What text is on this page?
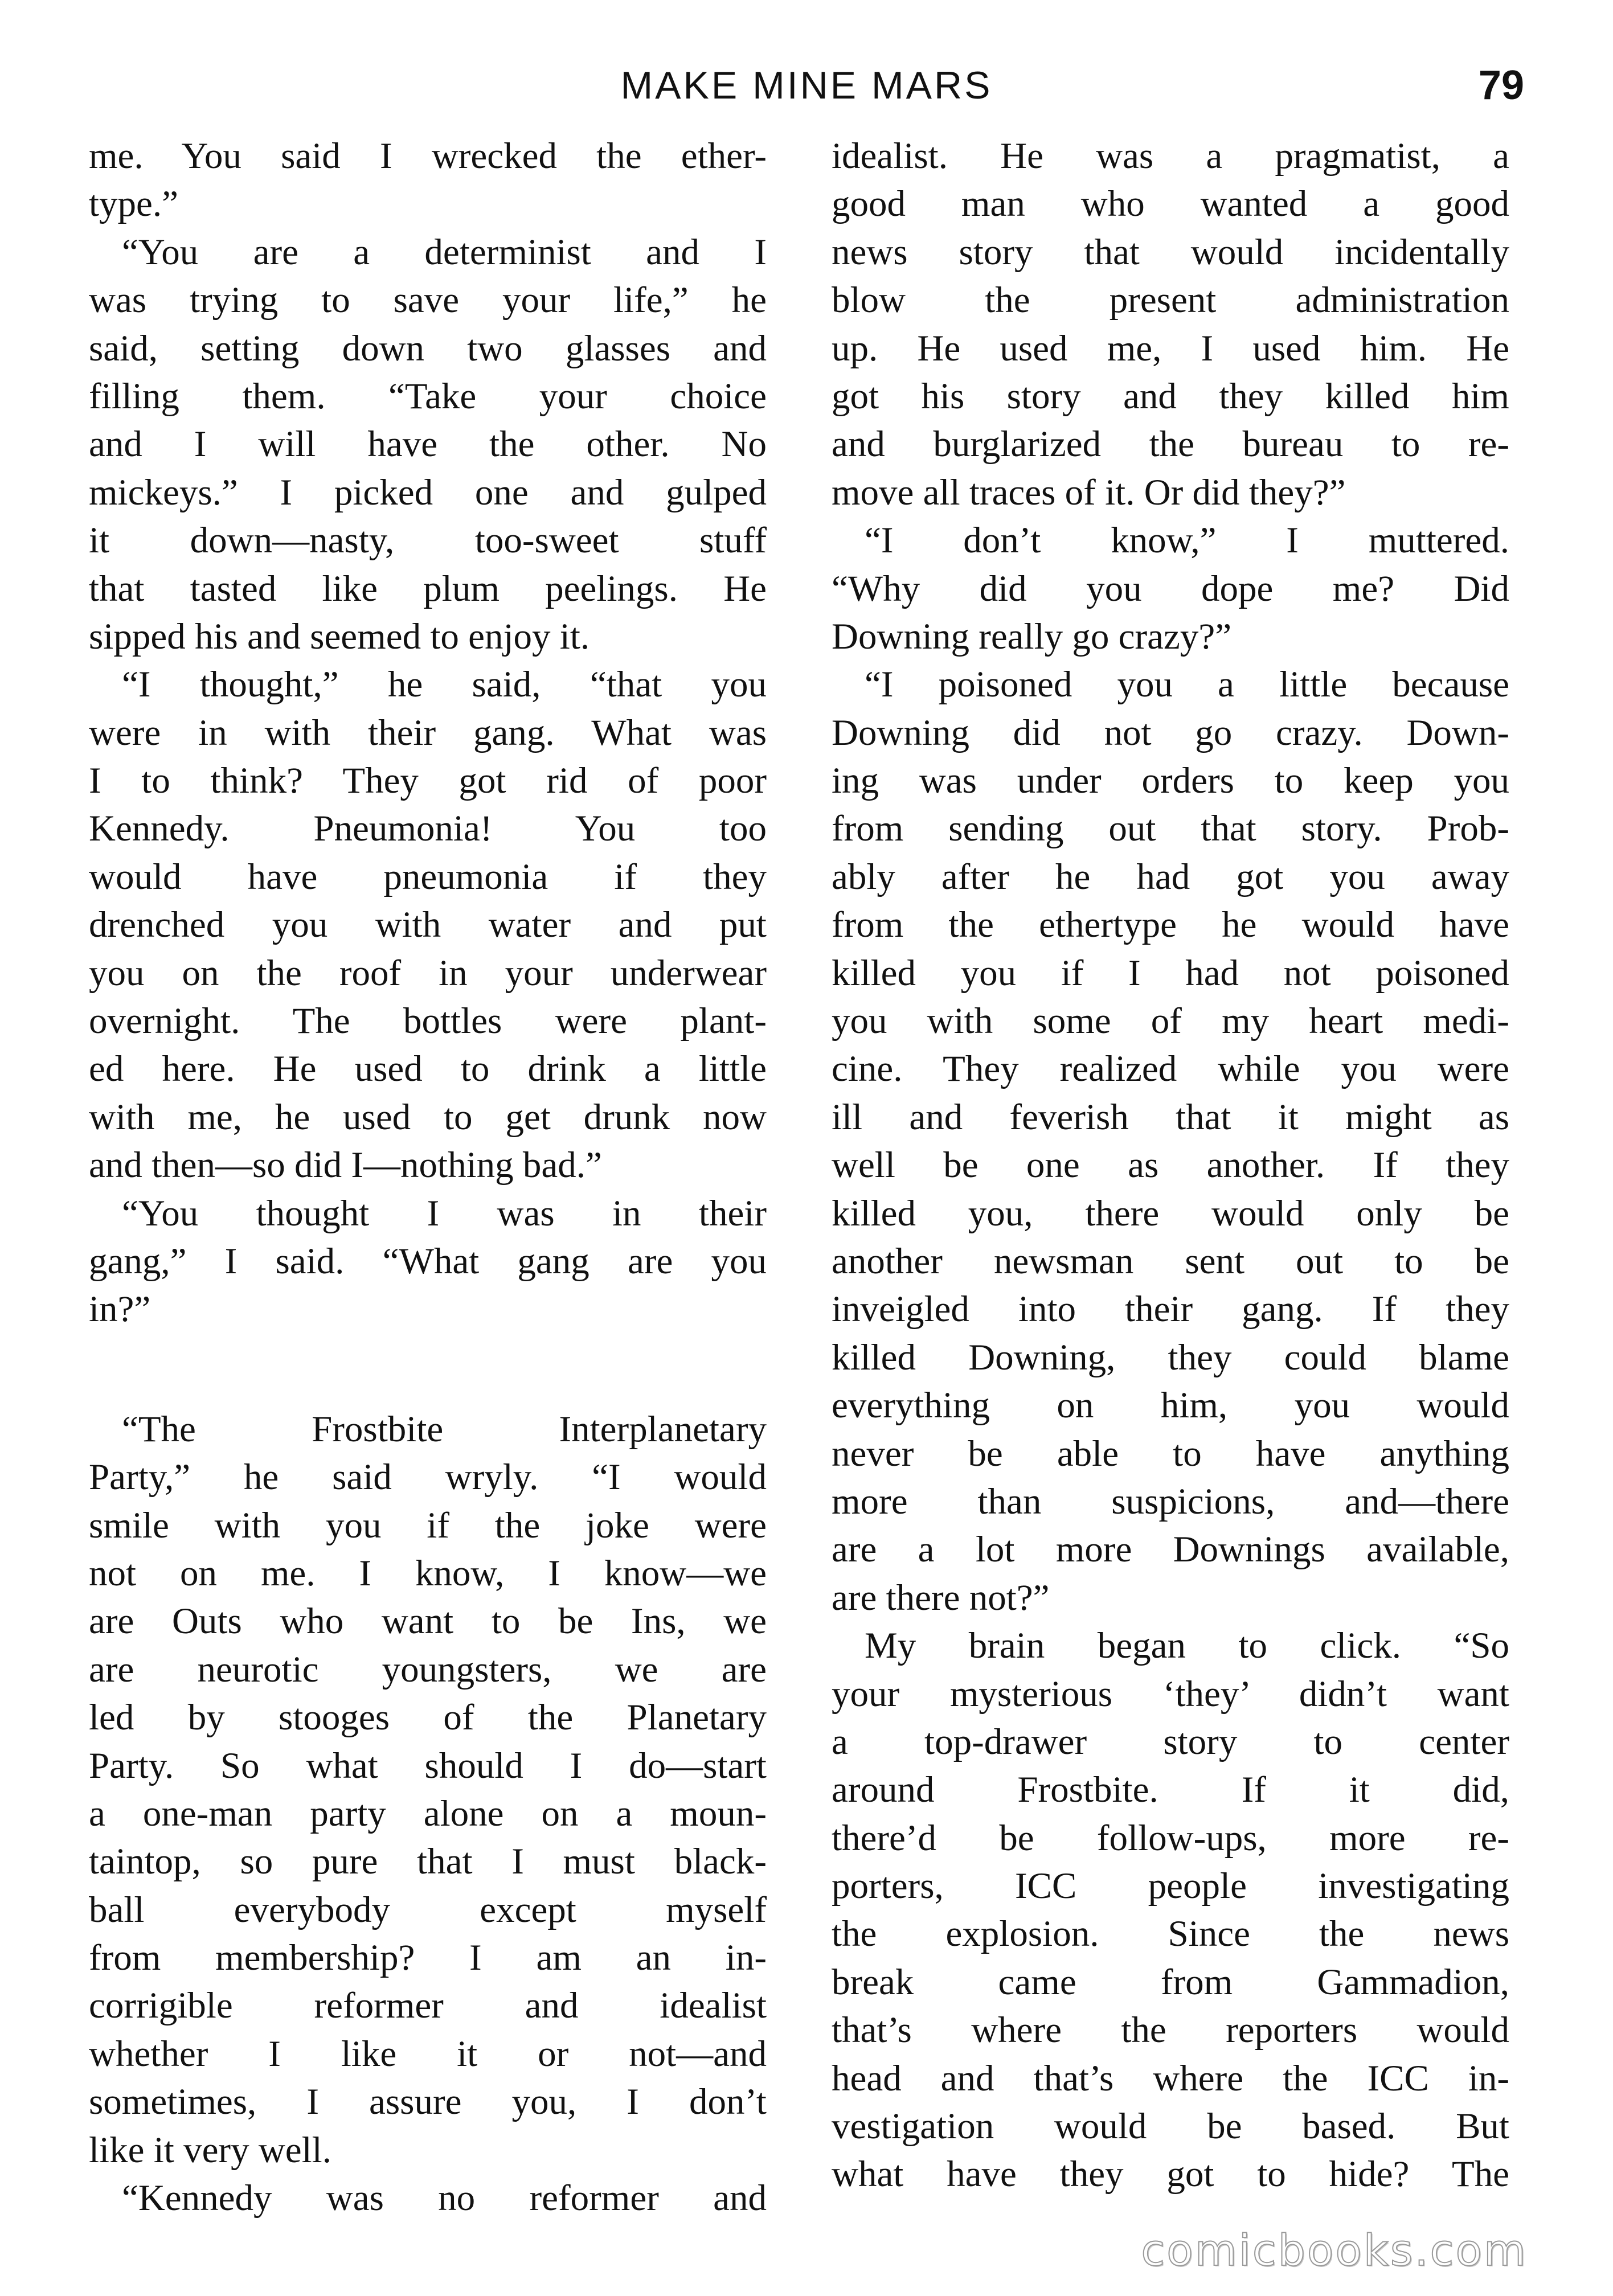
MAKE MINE MARS	79
me. You said I wrecked the ether-
type.”
“You are a determinist and I
was trying to save your life,” he
said, setting down two glasses and
filling them. “Take your choice
and I will have the other. No
mickeys.” I picked one and gulped
it down—nasty, too-sweet stuff
that tasted like plum peelings. He
sipped his and seemed to enjoy it.
“I thought,” he said, “that you
were in with their gang. What was
I to think? They got rid of poor
Kennedy. Pneumonia! You too
would have pneumonia if they
drenched you with water and put
you on the roof in your underwear
overnight. The bottles were plant-
ed here. He used to drink a little
with me, he used to get drunk now
and then—so did I—nothing bad.”
“You thought I was in their
gang,” I said. “What gang are you
in?”
“The Frostbite Interplanetary
Party,” he said wryly. “I would
smile with you if the joke were
not on me. I know, I know—we
are Outs who want to be Ins, we
are neurotic youngsters, we are
led by stooges of the Planetary
Party. So what should I do—start
a one-man party alone on a moun-
taintop, so pure that I must black-
ball everybody except myself
from membership? I am an in-
corrigible reformer and idealist
whether I like it or not—and
sometimes, I assure you, I don’t
like it very well.
“Kennedy was no reformer and
idealist. He was a pragmatist, a
good man who wanted a good
news story that would incidentally
blow the present administration
up. He used me, I used him. He
got his story and they killed him
and burglarized the bureau to re-
move all traces of it. Or did they?”
“I don’t know,” I muttered.
“Why did you dope me? Did
Downing really go crazy?”
“I poisoned you a little because
Downing did not go crazy. Down-
ing was under orders to keep you
from sending out that story. Prob-
ably after he had got you away
from the ethertype he would have
killed you if I had not poisoned
you with some of my heart medi-
cine. They realized while you were
ill and feverish that it might as
well be one as another. If they
killed you, there would only be
another newsman sent out to be
inveigled into their gang. If they
killed Downing, they could blame
everything on him, you would
never be able to have anything
more than suspicions, and—there
are a lot more Downings available,
are there not?”
My brain began to click. “So
your mysterious ‘they’ didn’t want
a top-drawer story to center
around Frostbite. If it did,
there’d be follow-ups, more re-
porters, ICC people investigating
the explosion. Since the news
break came from Gammadion,
that’s where the reporters would
head and that’s where the ICC in-
vestigation would be based. But
what have they got to hide? The
comicbooks.com
